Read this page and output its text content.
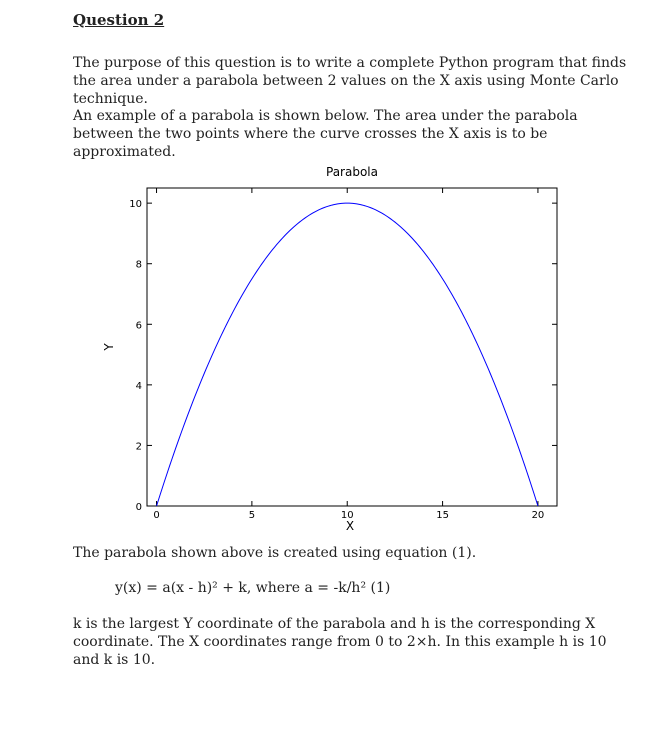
Question 2
The purpose of this question is to write a complete Python program that finds the area under a parabola between 2 values on the X axis using Monte Carlo technique.
An example of a parabola is shown below. The area under the parabola between the two points where the curve crosses the X axis is to be approximated.
Parabola
X
Y
0	5	10	15	20
0
2
4
6
8
10
The parabola shown above is created using equation (1).
y(x) = a(x - h)² + k, where a = -k/h² (1)
k is the largest Y coordinate of the parabola and h is the corresponding X coordinate. The X coordinates range from 0 to 2×h. In this example h is 10 and k is 10.
